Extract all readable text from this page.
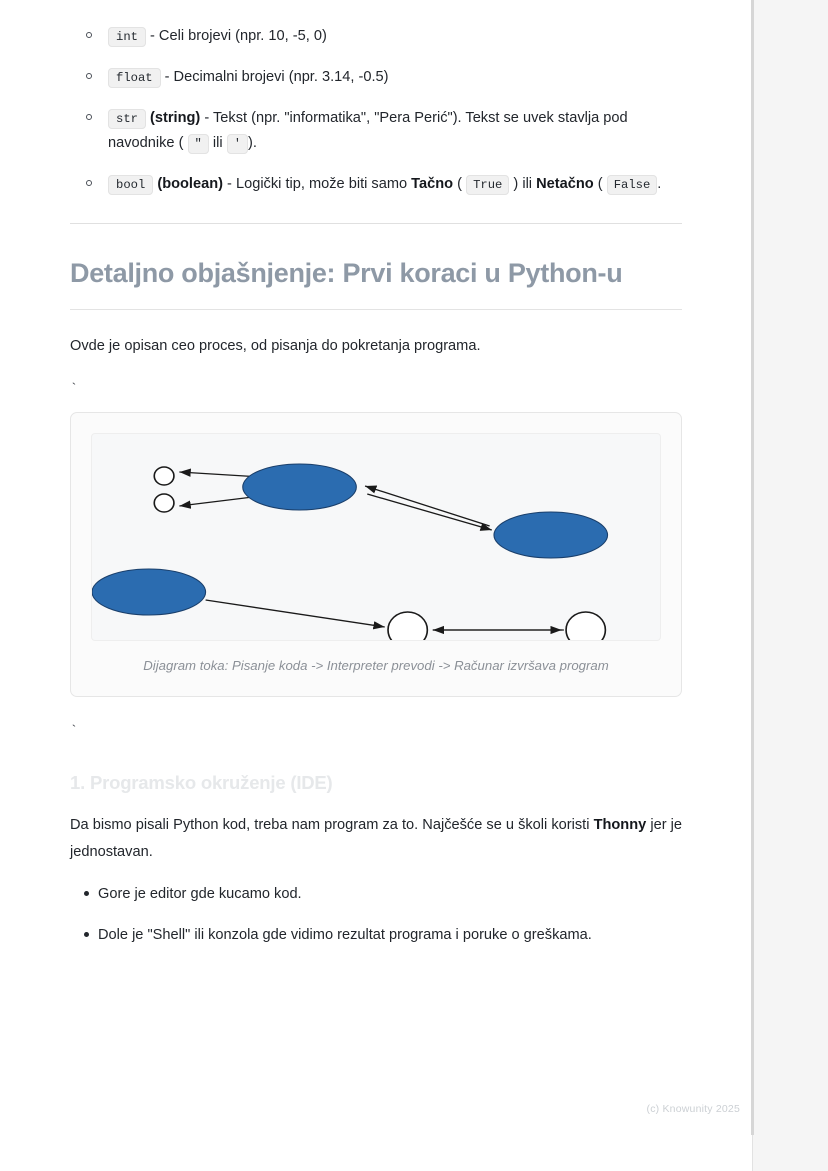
int - Celi brojevi (npr. 10, -5, 0)
float - Decimalni brojevi (npr. 3.14, -0.5)
str (string) - Tekst (npr. "informatika", "Pera Perić"). Tekst se uvek stavlja pod navodnike ( " ili ' ).
bool (boolean) - Logički tip, može biti samo Tačno ( True ) ili Netačno ( False .
Detaljno objašnjenje: Prvi koraci u Python-u

Ovde je opisan ceo proces, od pisanja do pokretanja programa.

`
Dijagram toka: Pisanje koda -> Interpreter prevodi -> Računar izvršava program
`
1. Programsko okruženje (IDE)

Da bismo pisali Python kod, treba nam program za to. Najčešće se u školi koristi Thonny jer je jednostavan.

Gore je editor gde kucamo kod.
Dole je "Shell" ili konzola gde vidimo rezultat programa i poruke o greškama.
(c) Knowunity 2025
